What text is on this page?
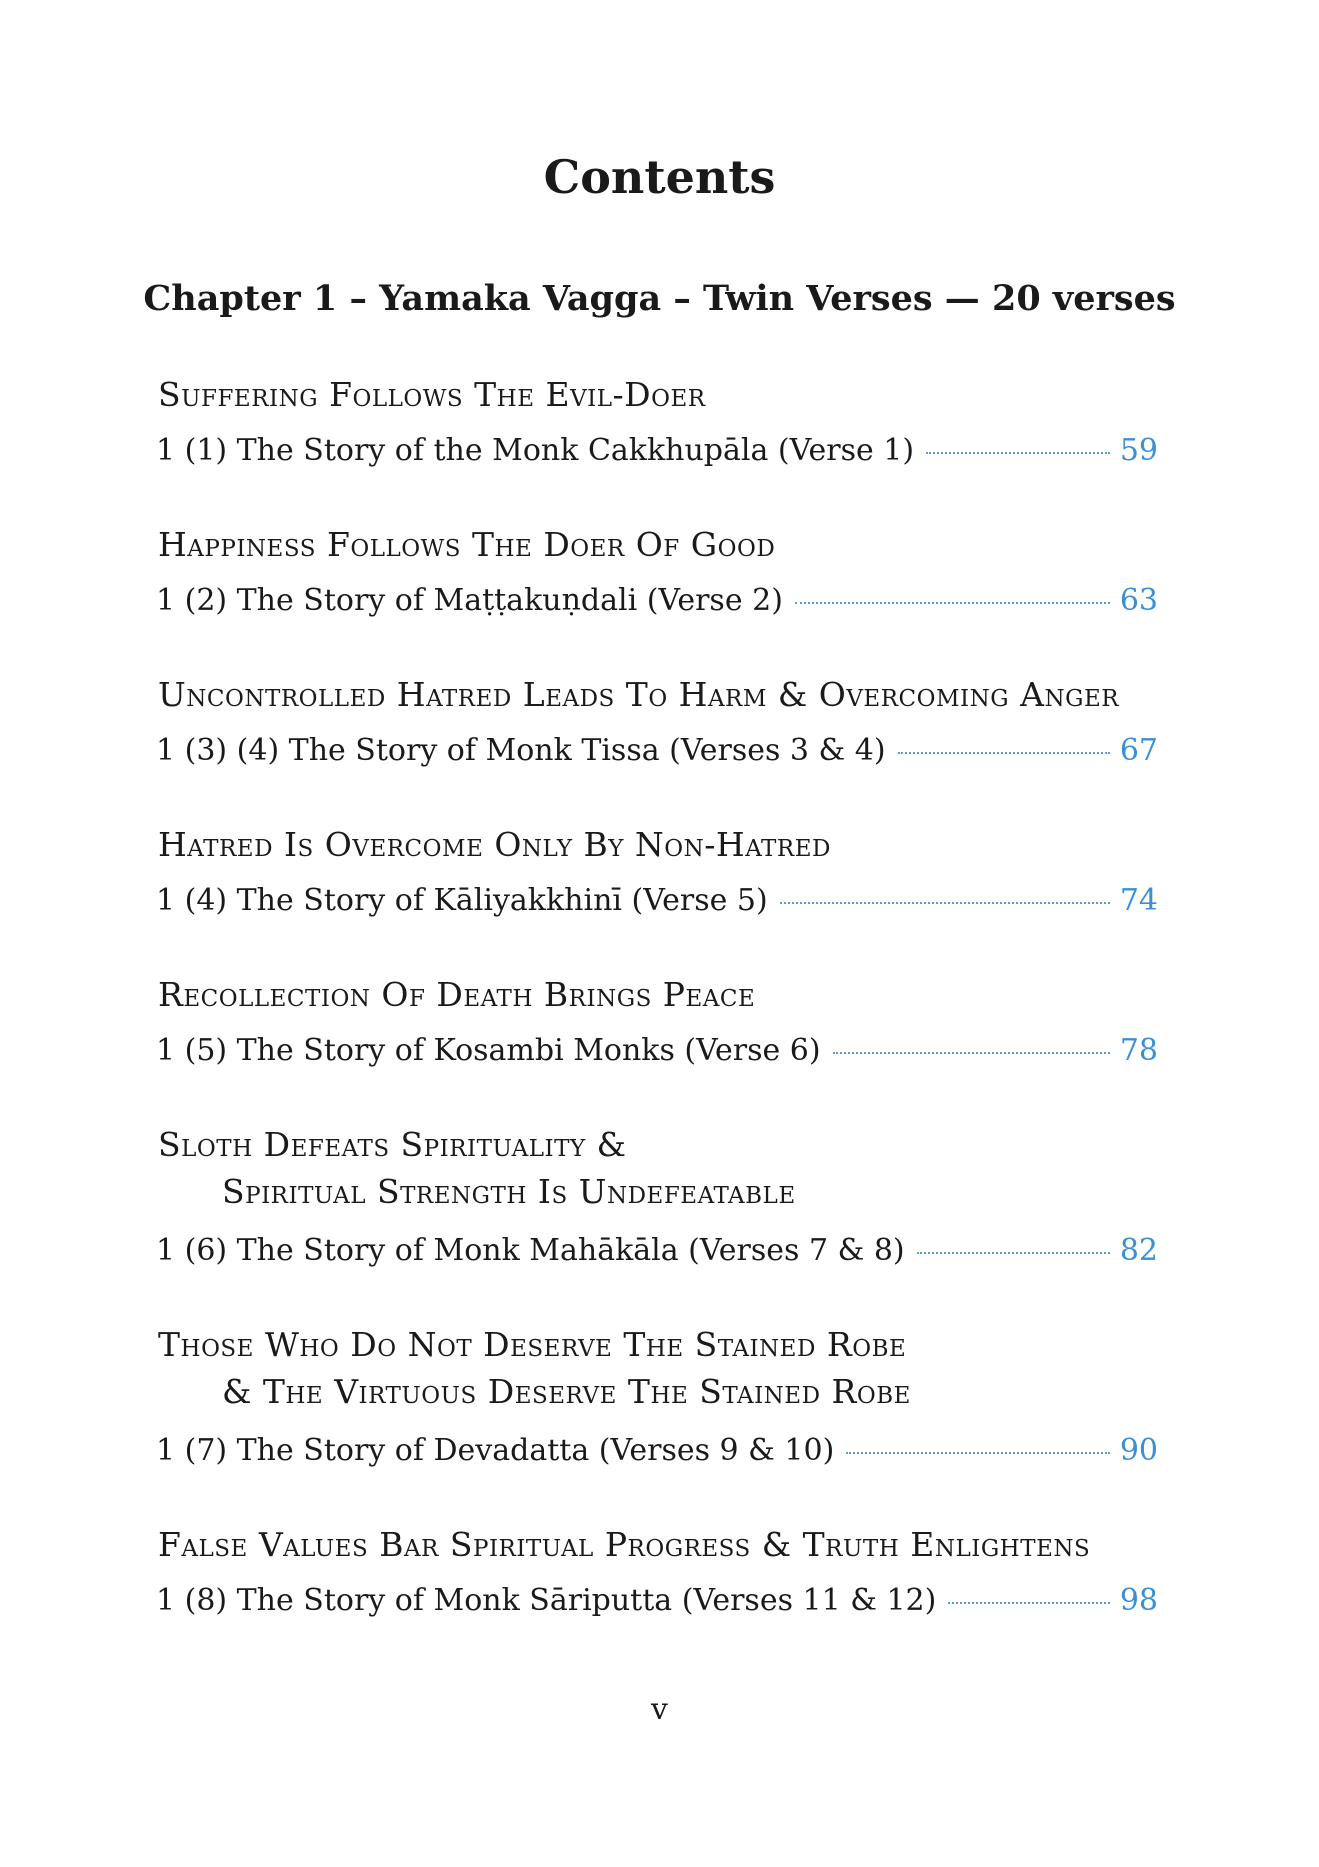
Contents
Chapter 1 – Yamaka Vagga – Twin Verses — 20 verses
Suffering Follows The Evil-Doer
1 (1) The Story of the Monk Cakkhupāla (Verse 1)	59
Happiness Follows The Doer Of Good
1 (2) The Story of Maṭṭakuṇdali (Verse 2)	63
Uncontrolled Hatred Leads To Harm & Overcoming Anger
1 (3) (4) The Story of Monk Tissa (Verses 3 & 4)	67
Hatred Is Overcome Only By Non-Hatred
1 (4) The Story of Kāliyakkhinī (Verse 5)	74
Recollection Of Death Brings Peace
1 (5) The Story of Kosambi Monks (Verse 6)	78
Sloth Defeats Spirituality &
Spiritual Strength Is Undefeatable
1 (6) The Story of Monk Mahākāla (Verses 7 & 8)	82
Those Who Do Not Deserve The Stained Robe
& The Virtuous Deserve The Stained Robe
1 (7) The Story of Devadatta (Verses 9 & 10)	90
False Values Bar Spiritual Progress & Truth Enlightens
1 (8) The Story of Monk Sāriputta (Verses 11 & 12)	98
v
